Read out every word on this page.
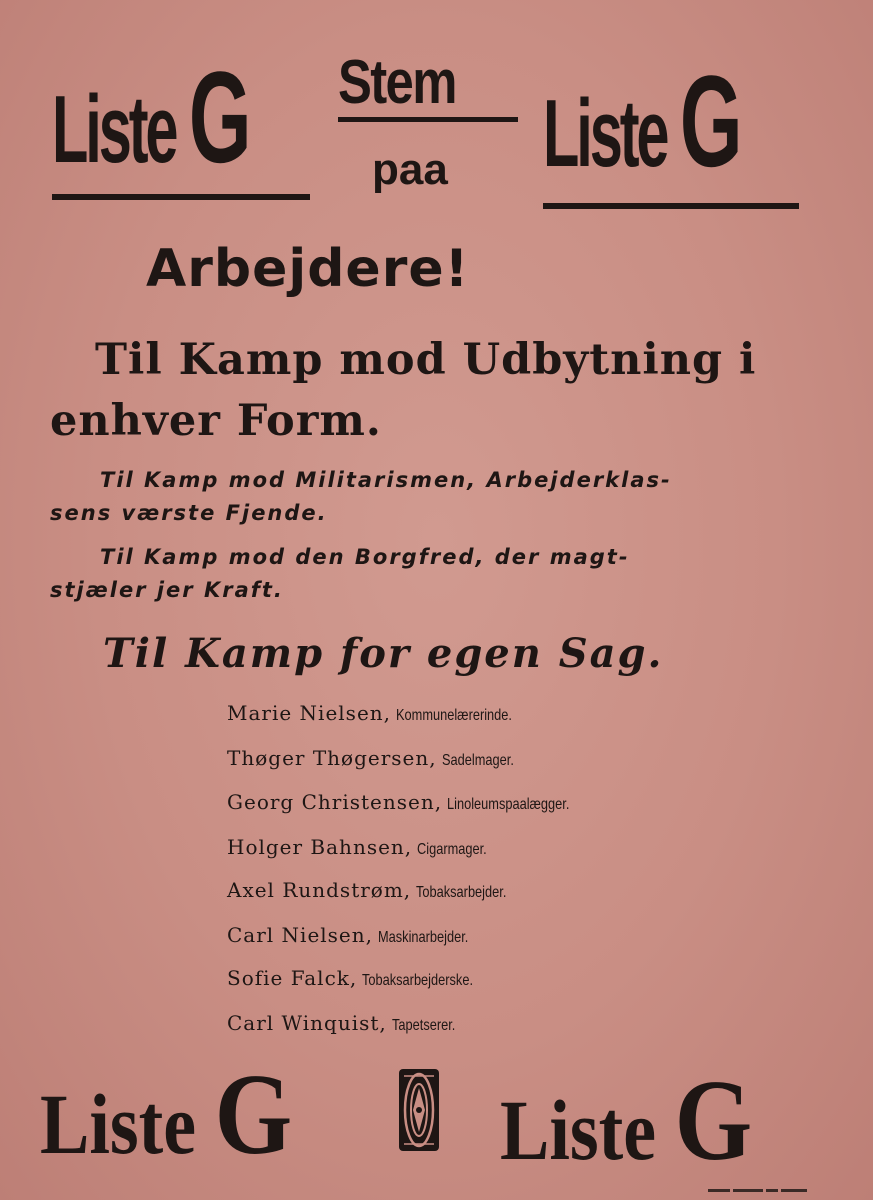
Liste G Stem
paa Liste G
Arbejdere!
Til Kamp mod Udbytning i
enhver Form.
Til Kamp mod Militarismen, Arbejderklas-
sens værste Fjende.
Til Kamp mod den Borgfred, der magt-
stjæler jer Kraft.
Til Kamp for egen Sag.
Marie Nielsen, Kommunelærerinde.
Thøger Thøgersen, Sadelmager.
Georg Christensen, Linoleumspaalægger.
Holger Bahnsen, Cigarmager.
Axel Rundstrøm, Tobaksarbejder.
Carl Nielsen, Maskinarbejder.
Sofie Falck, Tobaksarbejderske.
Carl Winquist, Tapetserer.
Liste G Liste G
